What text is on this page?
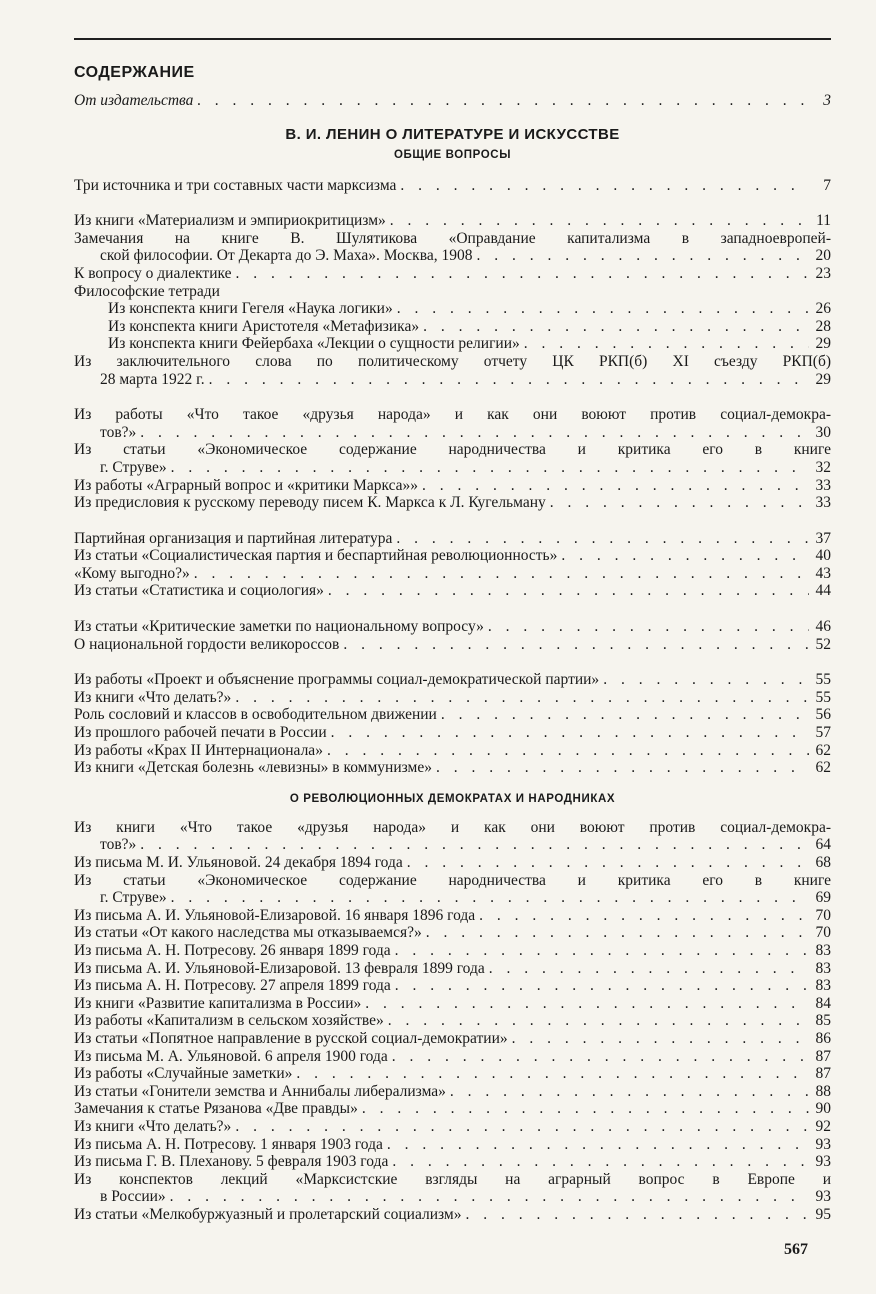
СОДЕРЖАНИЕ
От издательства . . .	3
В. И. ЛЕНИН О ЛИТЕРАТУРЕ И ИСКУССТВЕ
ОБЩИЕ ВОПРОСЫ
Три источника и три составных части марксизма . . .	7
Из книги «Материализм и эмпириокритицизм» . . .	11
Замечания на книге В. Шулятикова «Оправдание капитализма в западноевропей-
ской философии. От Декарта до Э. Маха». Москва, 1908 . . .	20
К вопросу о диалектике . . .	23
Философские тетради
Из конспекта книги Гегеля «Наука логики» . . .	26
Из конспекта книги Аристотеля «Метафизика» . . .	28
Из конспекта книги Фейербаха «Лекции о сущности религии» . . .	29
Из заключительного слова по политическому отчету ЦК РКП(б) XI съезду РКП(б)
28 марта 1922 г. . . .	29
Из работы «Что такое «друзья народа» и как они воюют против социал-демокра-
тов?» . . .	30
Из статьи «Экономическое содержание народничества и критика его в книге
г. Струве» . . .	32
Из работы «Аграрный вопрос и «критики Маркса»» . . .	33
Из предисловия к русскому переводу писем К. Маркса к Л. Кугельману . . .	33
Партийная организация и партийная литература . . .	37
Из статьи «Социалистическая партия и беспартийная революционность» . . .	40
«Кому выгодно?» . . .	43
Из статьи «Статистика и социология» . . .	44
Из статьи «Критические заметки по национальному вопросу» . . .	46
О национальной гордости великороссов . . .	52
Из работы «Проект и объяснение программы социал-демократической партии» . . .	55
Из книги «Что делать?» . . .	55
Роль сословий и классов в освободительном движении . . .	56
Из прошлого рабочей печати в России . . .	57
Из работы «Крах II Интернационала» . . .	62
Из книги «Детская болезнь «левизны» в коммунизме» . . .	62
О РЕВОЛЮЦИОННЫХ ДЕМОКРАТАХ И НАРОДНИКАХ
Из книги «Что такое «друзья народа» и как они воюют против социал-демокра-
тов?» . . .	64
Из письма М. И. Ульяновой. 24 декабря 1894 года . . .	68
Из статьи «Экономическое содержание народничества и критика его в книге
г. Струве» . . .	69
Из письма А. И. Ульяновой-Елизаровой. 16 января 1896 года . . .	70
Из статьи «От какого наследства мы отказываемся?» . . .	70
Из письма А. Н. Потресову. 26 января 1899 года . . .	83
Из письма А. И. Ульяновой-Елизаровой. 13 февраля 1899 года . . .	83
Из письма А. Н. Потресову. 27 апреля 1899 года . . .	83
Из книги «Развитие капитализма в России» . . .	84
Из работы «Капитализм в сельском хозяйстве» . . .	85
Из статьи «Попятное направление в русской социал-демократии» . . .	86
Из письма М. А. Ульяновой. 6 апреля 1900 года . . .	87
Из работы «Случайные заметки» . . .	87
Из статьи «Гонители земства и Аннибалы либерализма» . . .	88
Замечания к статье Рязанова «Две правды» . . .	90
Из книги «Что делать?» . . .	92
Из письма А. Н. Потресову. 1 января 1903 года . . .	93
Из письма Г. В. Плеханову. 5 февраля 1903 года . . .	93
Из конспектов лекций «Марксистские взгляды на аграрный вопрос в Европе и
в России» . . .	93
Из статьи «Мелкобуржуазный и пролетарский социализм» . . .	95
567
